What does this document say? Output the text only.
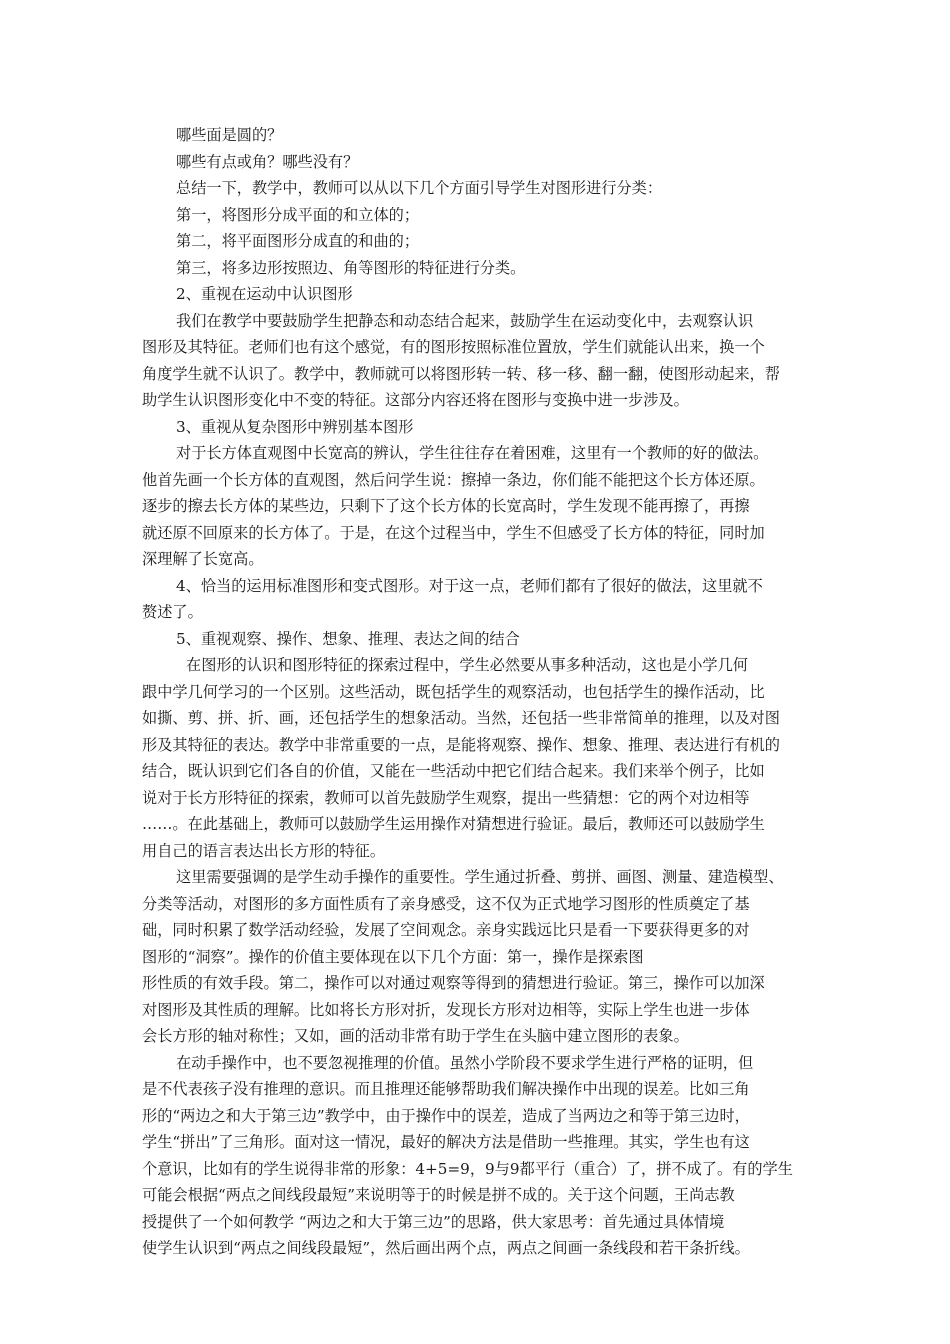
哪些面是圆的？
哪些有点或角？哪些没有？
总结一下，教学中，教师可以从以下几个方面引导学生对图形进行分类：
第一，将图形分成平面的和立体的；
第二，将平面图形分成直的和曲的；
第三，将多边形按照边、角等图形的特征进行分类。
2、重视在运动中认识图形
我们在教学中要鼓励学生把静态和动态结合起来，鼓励学生在运动变化中，去观察认识
图形及其特征。老师们也有这个感觉，有的图形按照标准位置放，学生们就能认出来，换一个
角度学生就不认识了。教学中，教师就可以将图形转一转、移一移、翻一翻，使图形动起来，帮
助学生认识图形变化中不变的特征。这部分内容还将在图形与变换中进一步涉及。
3、重视从复杂图形中辨别基本图形
对于长方体直观图中长宽高的辨认，学生往往存在着困难，这里有一个教师的好的做法。
他首先画一个长方体的直观图，然后问学生说：擦掉一条边，你们能不能把这个长方体还原。
逐步的擦去长方体的某些边，只剩下了这个长方体的长宽高时，学生发现不能再擦了，再擦
就还原不回原来的长方体了。于是，在这个过程当中，学生不但感受了长方体的特征，同时加
深理解了长宽高。
4、恰当的运用标准图形和变式图形。对于这一点，老师们都有了很好的做法，这里就不
赘述了。
5、重视观察、操作、想象、推理、表达之间的结合
在图形的认识和图形特征的探索过程中，学生必然要从事多种活动，这也是小学几何
跟中学几何学习的一个区别。这些活动，既包括学生的观察活动，也包括学生的操作活动，比
如撕、剪、拼、折、画，还包括学生的想象活动。当然，还包括一些非常简单的推理，以及对图
形及其特征的表达。教学中非常重要的一点，是能将观察、操作、想象、推理、表达进行有机的
结合，既认识到它们各自的价值，又能在一些活动中把它们结合起来。我们来举个例子，比如
说对于长方形特征的探索，教师可以首先鼓励学生观察，提出一些猜想：它的两个对边相等
……。在此基础上，教师可以鼓励学生运用操作对猜想进行验证。最后，教师还可以鼓励学生
用自己的语言表达出长方形的特征。
这里需要强调的是学生动手操作的重要性。学生通过折叠、剪拼、画图、测量、建造模型、
分类等活动，对图形的多方面性质有了亲身感受，这不仅为正式地学习图形的性质奠定了基
础，同时积累了数学活动经验，发展了空间观念。亲身实践远比只是看一下要获得更多的对
图形的“洞察”。操作的价值主要体现在以下几个方面：第一，操作是探索图
形性质的有效手段。第二，操作可以对通过观察等得到的猜想进行验证。第三，操作可以加深
对图形及其性质的理解。比如将长方形对折，发现长方形对边相等，实际上学生也进一步体
会长方形的轴对称性；又如，画的活动非常有助于学生在头脑中建立图形的表象。
在动手操作中，也不要忽视推理的价值。虽然小学阶段不要求学生进行严格的证明，但
是不代表孩子没有推理的意识。而且推理还能够帮助我们解决操作中出现的误差。比如三角
形的“两边之和大于第三边”教学中，由于操作中的误差，造成了当两边之和等于第三边时，
学生“拼出”了三角形。面对这一情况，最好的解决方法是借助一些推理。其实，学生也有这
个意识，比如有的学生说得非常的形象：4+5=9，9与9都平行（重合）了，拼不成了。有的学生
可能会根据“两点之间线段最短”来说明等于的时候是拼不成的。关于这个问题，王尚志教
授提供了一个如何教学 “两边之和大于第三边”的思路，供大家思考：首先通过具体情境
使学生认识到“两点之间线段最短”，然后画出两个点，两点之间画一条线段和若干条折线。
